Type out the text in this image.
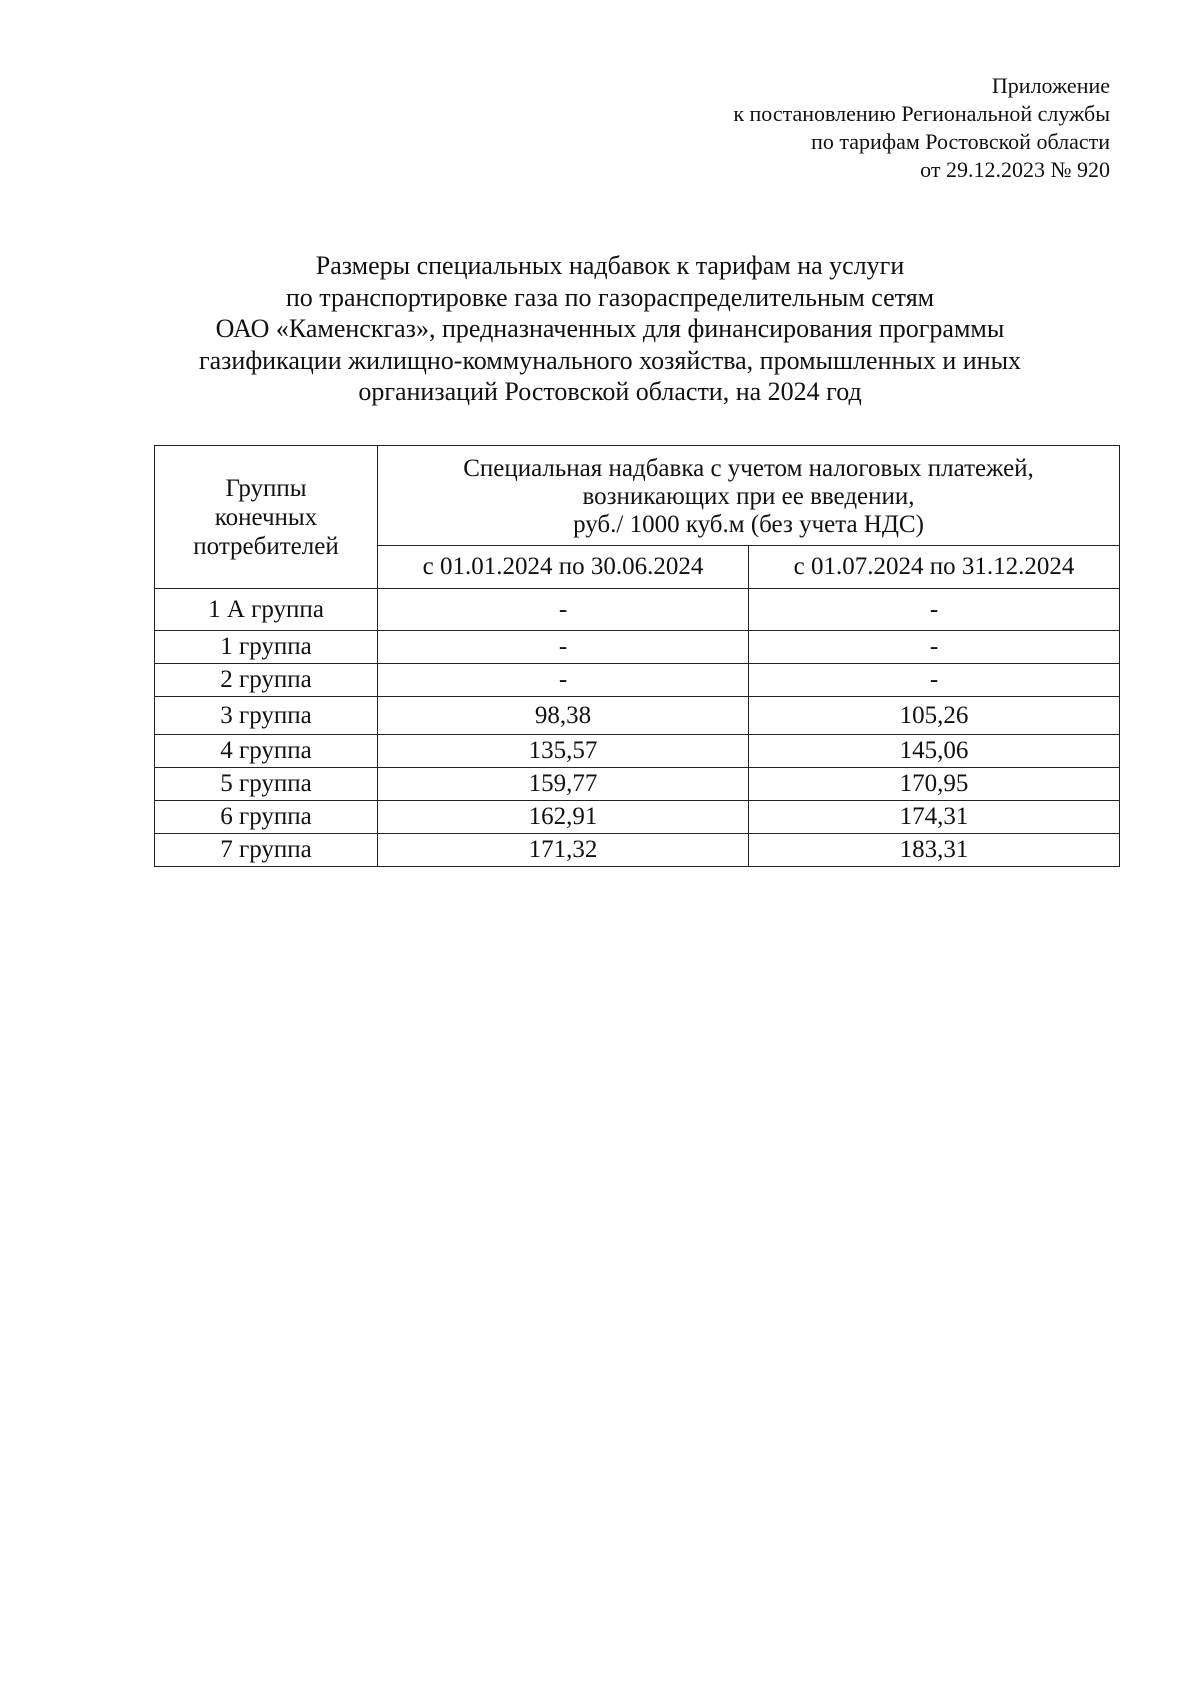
Приложение
к постановлению Региональной службы
по тарифам Ростовской области
от 29.12.2023 № 920
Размеры специальных надбавок к тарифам на услуги
по транспортировке газа по газораспределительным сетям
ОАО «Каменскгаз», предназначенных для финансирования программы
газификации жилищно-коммунального хозяйства, промышленных и иных
организаций Ростовской области, на 2024 год
Группы
конечных
потребителей	Специальная надбавка с учетом налоговых платежей,
возникающих при ее введении,
руб./ 1000 куб.м (без учета НДС)	

	с 01.01.2024 по 30.06.2024	с 01.07.2024 по 31.12.2024
1 А группа	-	-
1 группа	-	-
2 группа	-	-
3 группа	98,38	105,26
4 группа	135,57	145,06
5 группа	159,77	170,95
6 группа	162,91	174,31
7 группа	171,32	183,31
